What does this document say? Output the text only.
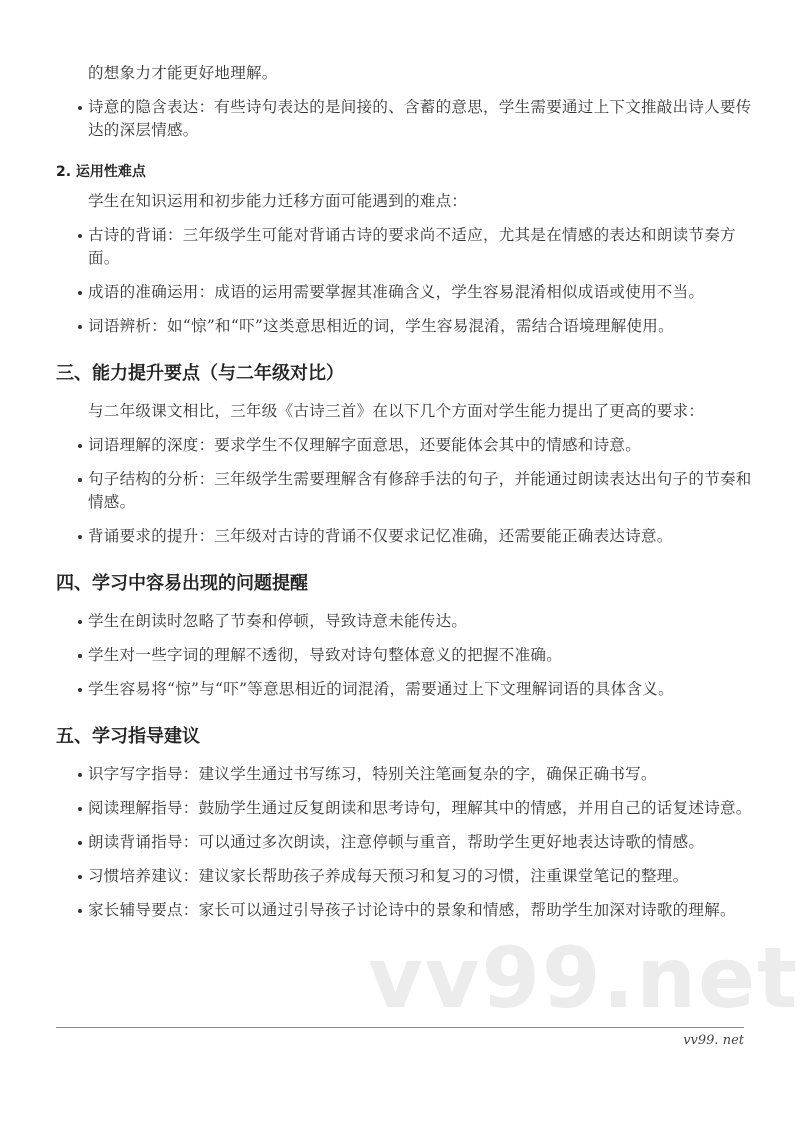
的想象力才能更好地理解。
诗意的隐含表达：有些诗句表达的是间接的、含蓄的意思，学生需要通过上下文推敲出诗人要传达的深层情感。
2. 运用性难点
学生在知识运用和初步能力迁移方面可能遇到的难点：
古诗的背诵：三年级学生可能对背诵古诗的要求尚不适应，尤其是在情感的表达和朗读节奏方面。
成语的准确运用：成语的运用需要掌握其准确含义，学生容易混淆相似成语或使用不当。
词语辨析：如“惊”和“吓”这类意思相近的词，学生容易混淆，需结合语境理解使用。
三、能力提升要点（与二年级对比）
与二年级课文相比，三年级《古诗三首》在以下几个方面对学生能力提出了更高的要求：
词语理解的深度：要求学生不仅理解字面意思，还要能体会其中的情感和诗意。
句子结构的分析：三年级学生需要理解含有修辞手法的句子，并能通过朗读表达出句子的节奏和情感。
背诵要求的提升：三年级对古诗的背诵不仅要求记忆准确，还需要能正确表达诗意。
四、学习中容易出现的问题提醒
学生在朗读时忽略了节奏和停顿，导致诗意未能传达。
学生对一些字词的理解不透彻，导致对诗句整体意义的把握不准确。
学生容易将“惊”与“吓”等意思相近的词混淆，需要通过上下文理解词语的具体含义。
五、学习指导建议
识字写字指导：建议学生通过书写练习，特别关注笔画复杂的字，确保正确书写。
阅读理解指导：鼓励学生通过反复朗读和思考诗句，理解其中的情感，并用自己的话复述诗意。
朗读背诵指导：可以通过多次朗读，注意停顿与重音，帮助学生更好地表达诗歌的情感。
习惯培养建议：建议家长帮助孩子养成每天预习和复习的习惯，注重课堂笔记的整理。
家长辅导要点：家长可以通过引导孩子讨论诗中的景象和情感，帮助学生加深对诗歌的理解。
vv99.net
vv99. net
